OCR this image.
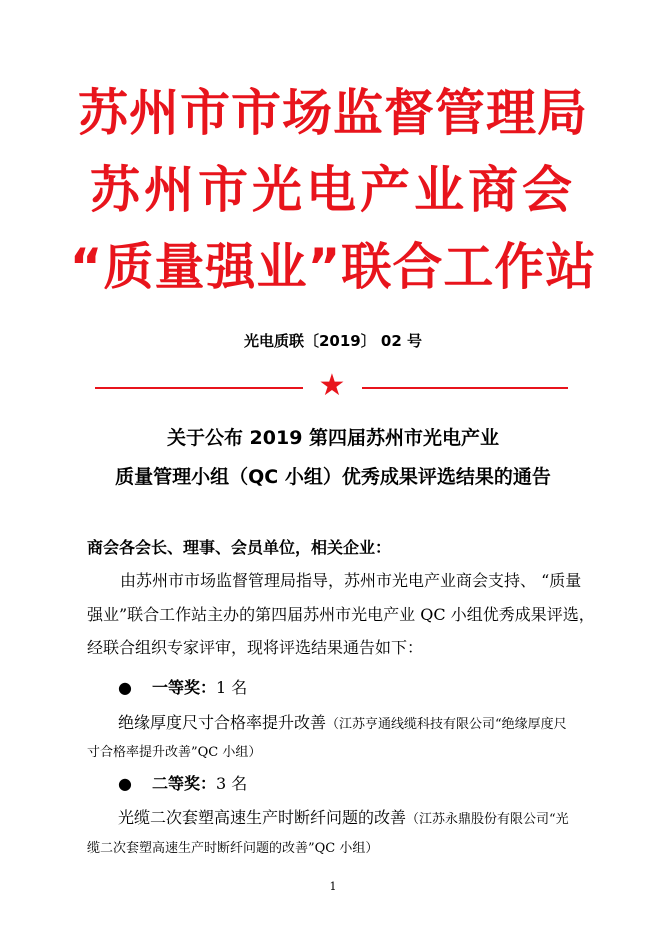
苏州市市场监督管理局
苏州市光电产业商会
“质量强业”联合工作站
光电质联〔2019〕 02 号
★
关于公布 2019 第四届苏州市光电产业
质量管理小组（QC 小组）优秀成果评选结果的通告
商会各会长、理事、会员单位，相关企业：
由苏州市市场监督管理局指导，苏州市光电产业商会支持、 “质量
强业”联合工作站主办的第四届苏州市光电产业 QC 小组优秀成果评选，
经联合组织专家评审，现将评选结果通告如下：
● 一等奖：1 名
绝缘厚度尺寸合格率提升改善（江苏亨通线缆科技有限公司“绝缘厚度尺
寸合格率提升改善”QC 小组）
● 二等奖：3 名
光缆二次套塑高速生产时断纤问题的改善（江苏永鼎股份有限公司“光
缆二次套塑高速生产时断纤问题的改善”QC 小组）
1
